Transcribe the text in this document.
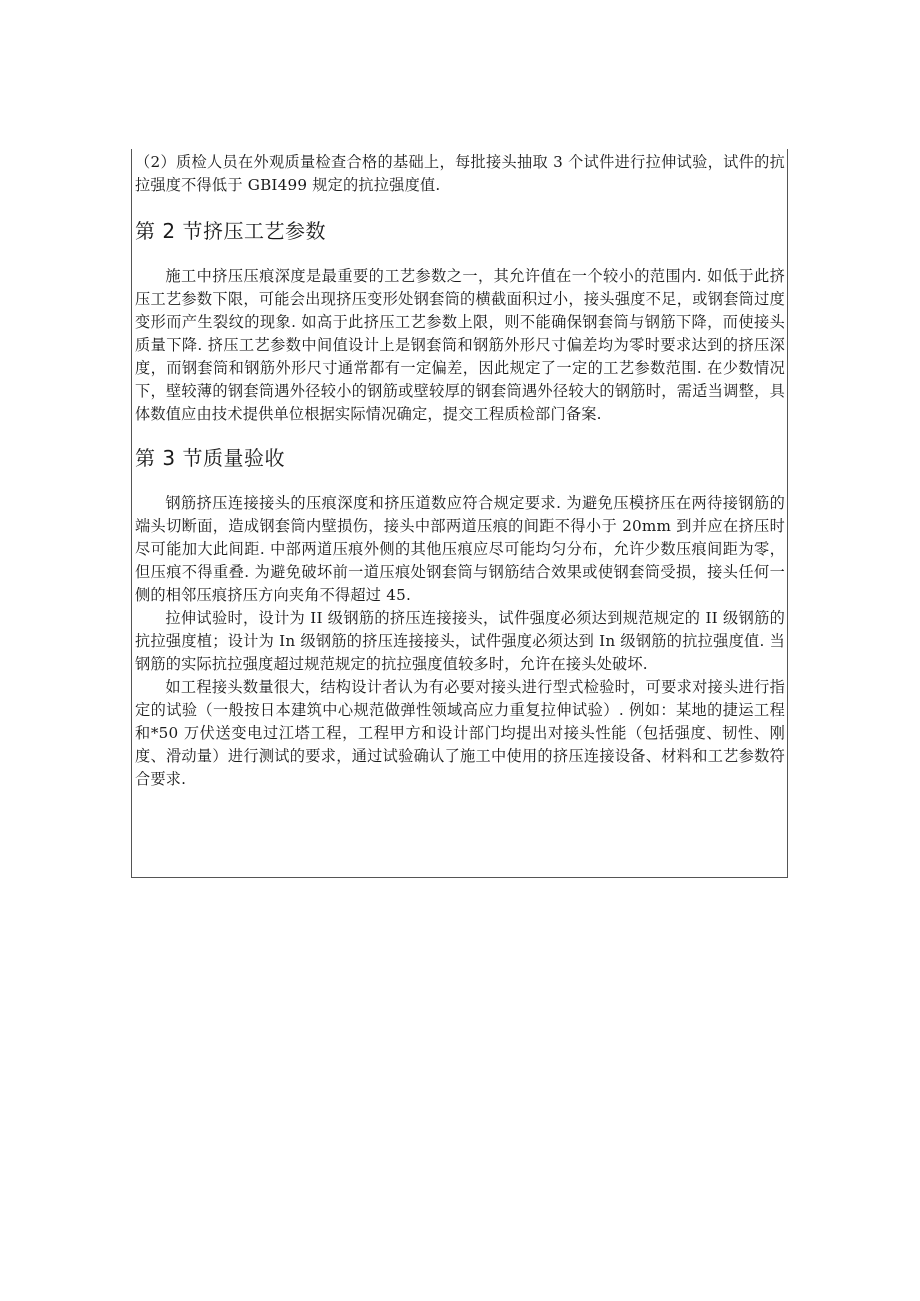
（2）质检人员在外观质量检查合格的基础上，每批接头抽取 3 个试件进行拉伸试验，试件的抗拉强度不得低于 GBI499 规定的抗拉强度值.

第 2 节挤压工艺参数

施工中挤压压痕深度是最重要的工艺参数之一，其允许值在一个较小的范围内. 如低于此挤压工艺参数下限，可能会出现挤压变形处钢套筒的横截面积过小，接头强度不足，或钢套筒过度变形而产生裂纹的现象. 如高于此挤压工艺参数上限，则不能确保钢套筒与钢筋下降，而使接头质量下降. 挤压工艺参数中间值设计上是钢套筒和钢筋外形尺寸偏差均为零时要求达到的挤压深度，而钢套筒和钢筋外形尺寸通常都有一定偏差，因此规定了一定的工艺参数范围. 在少数情况下，壁较薄的钢套筒遇外径较小的钢筋或壁较厚的钢套筒遇外径较大的钢筋时，需适当调整，具体数值应由技术提供单位根据实际情况确定，提交工程质检部门备案.

第 3 节质量验收

钢筋挤压连接接头的压痕深度和挤压道数应符合规定要求. 为避免压模挤压在两待接钢筋的端头切断面，造成钢套筒内壁损伤，接头中部两道压痕的间距不得小于 20mm 到并应在挤压时尽可能加大此间距. 中部两道压痕外侧的其他压痕应尽可能均匀分布，允许少数压痕间距为零，但压痕不得重叠. 为避免破坏前一道压痕处钢套筒与钢筋结合效果或使钢套筒受损，接头任何一侧的相邻压痕挤压方向夹角不得超过 45.

拉伸试验时，设计为 II 级钢筋的挤压连接接头，试件强度必须达到规范规定的 II 级钢筋的抗拉强度植；设计为 In 级钢筋的挤压连接接头，试件强度必须达到 In 级钢筋的抗拉强度值. 当钢筋的实际抗拉强度超过规范规定的抗拉强度值较多时，允许在接头处破坏.

如工程接头数量很大，结构设计者认为有必要对接头进行型式检验时，可要求对接头进行指定的试验（一般按日本建筑中心规范做弹性领域高应力重复拉伸试验）. 例如：某地的捷运工程和*50 万伏送变电过江塔工程，工程甲方和设计部门均提出对接头性能（包括强度、韧性、刚度、滑动量）进行测试的要求，通过试验确认了施工中使用的挤压连接设备、材料和工艺参数符合要求.
